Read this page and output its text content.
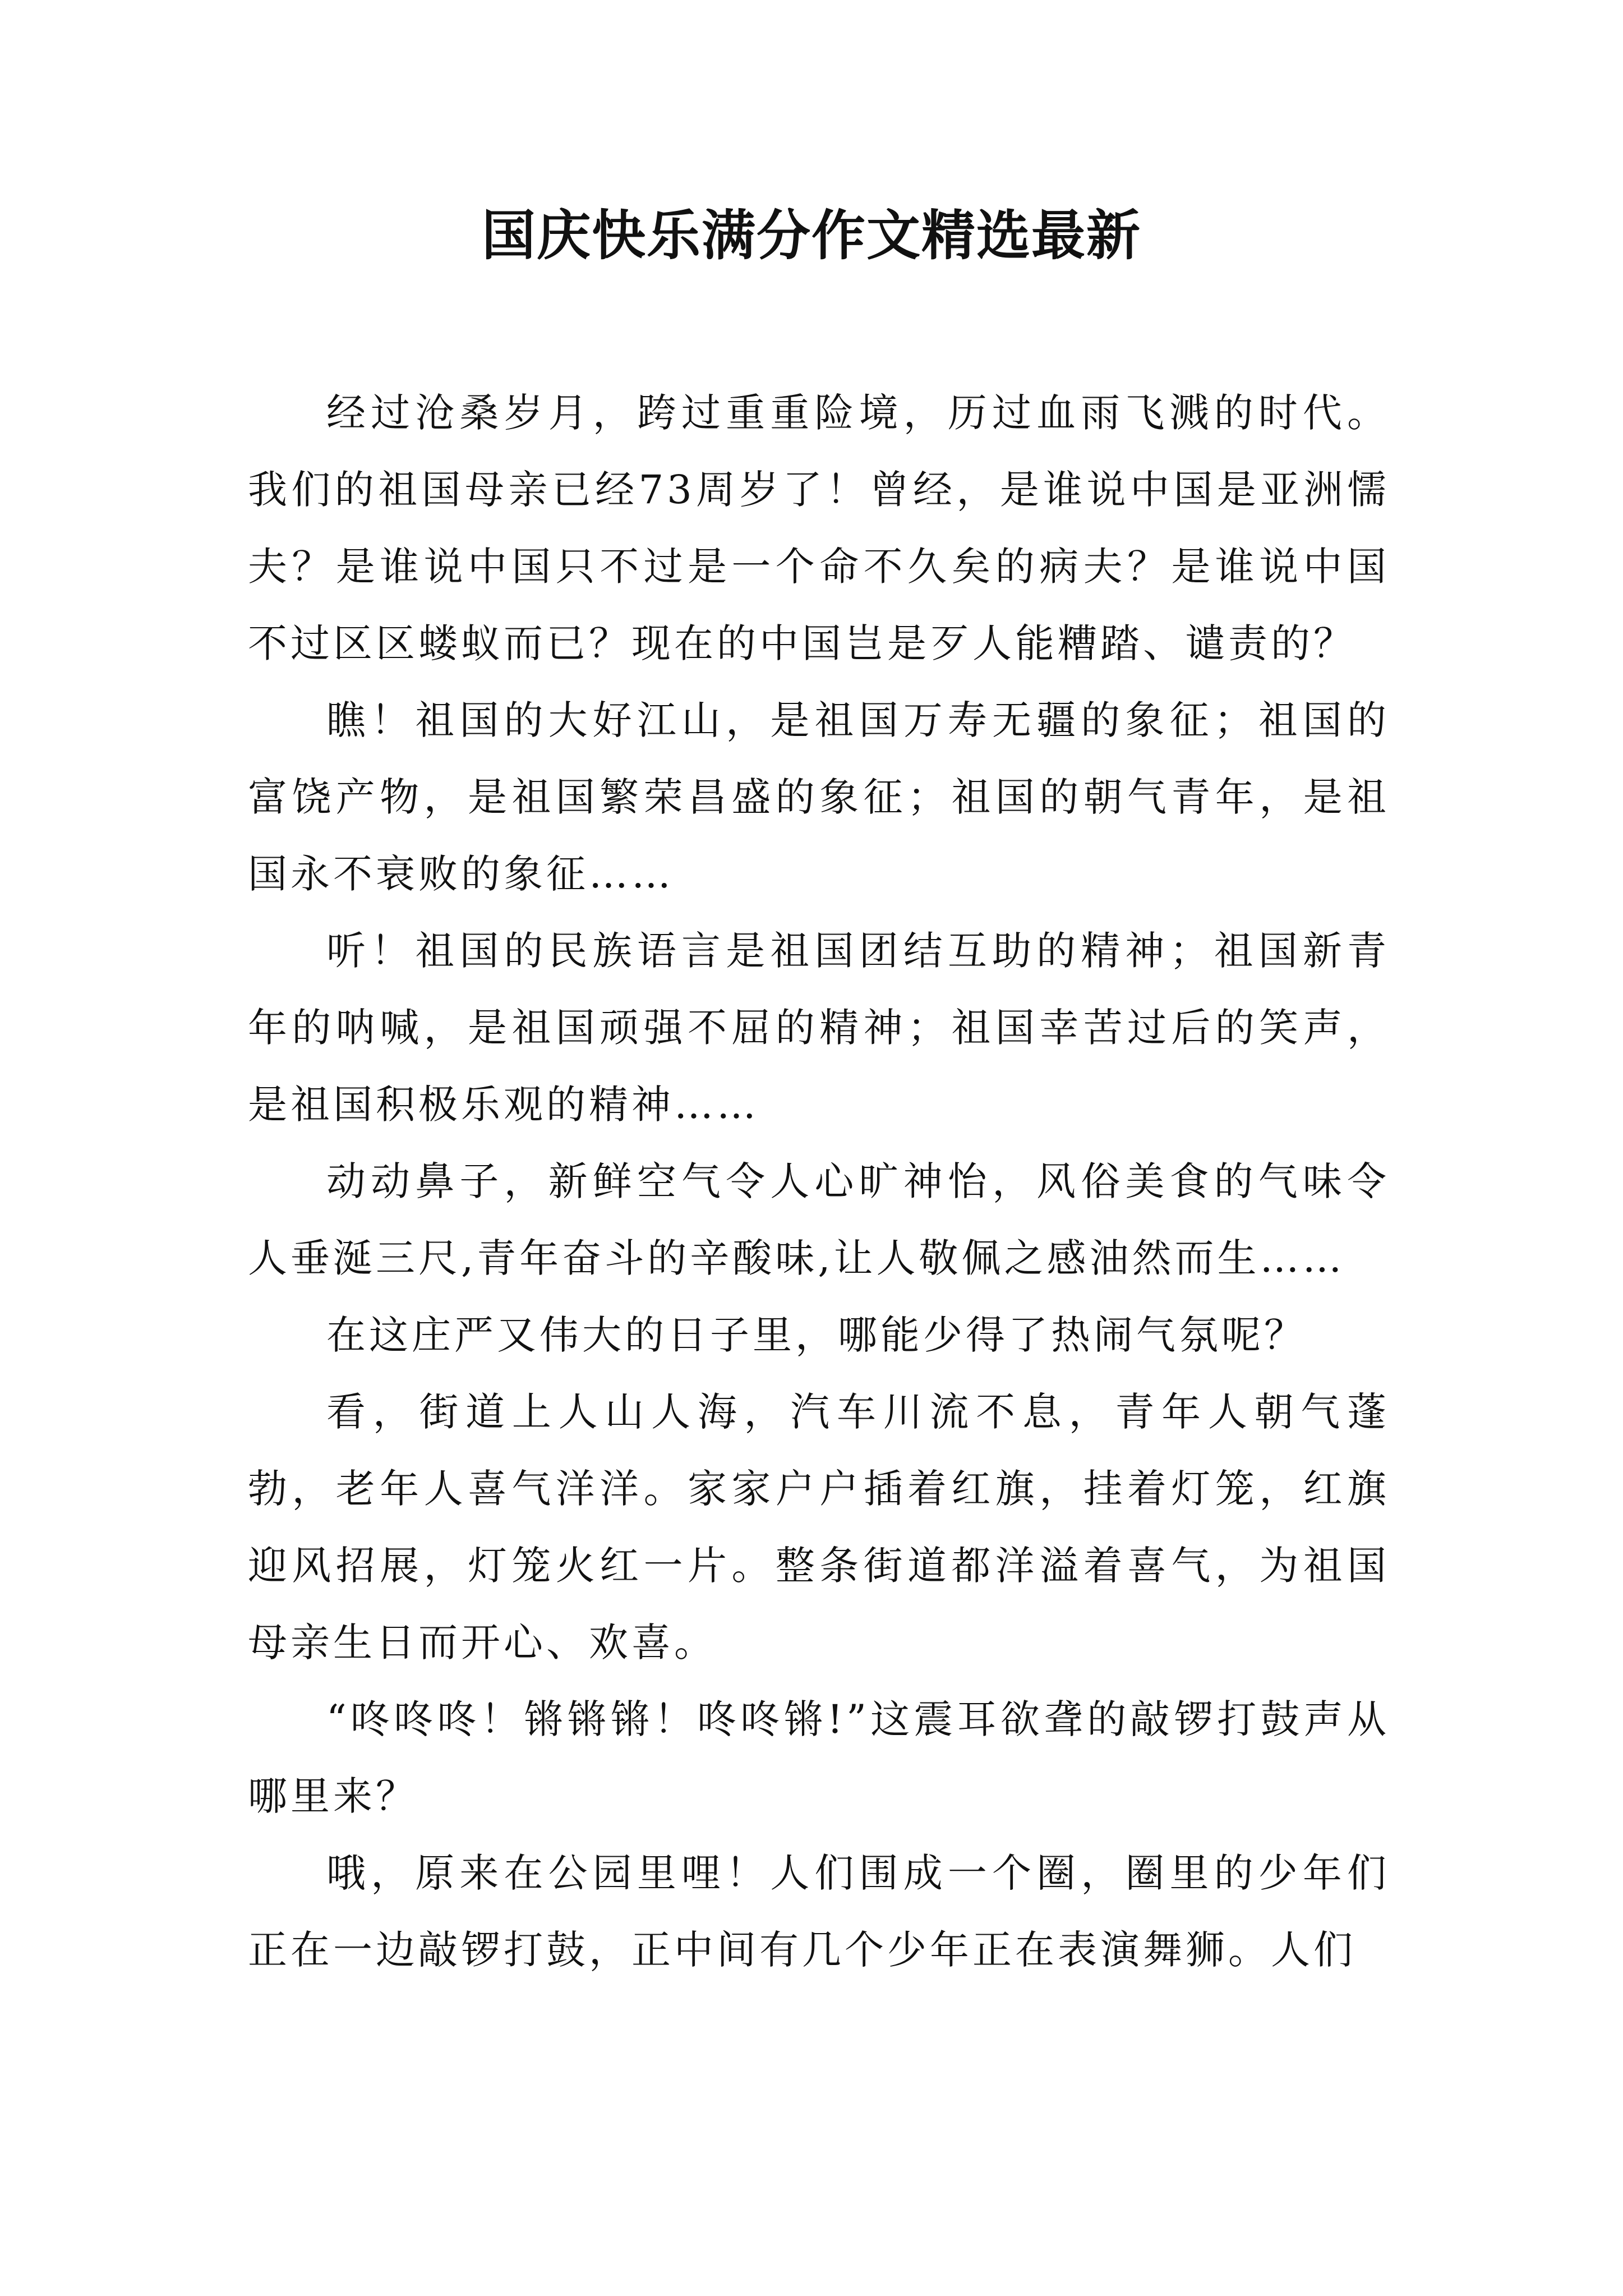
国庆快乐满分作文精选最新

经过沧桑岁月，跨过重重险境，历过血雨飞溅的时代。我们的祖国母亲已经73周岁了！曾经，是谁说中国是亚洲懦夫？是谁说中国只不过是一个命不久矣的病夫？是谁说中国不过区区蝼蚁而已？现在的中国岂是歹人能糟踏、谴责的？

瞧！祖国的大好江山，是祖国万寿无疆的象征；祖国的富饶产物，是祖国繁荣昌盛的象征；祖国的朝气青年，是祖国永不衰败的象征……

听！祖国的民族语言是祖国团结互助的精神；祖国新青年的呐喊，是祖国顽强不屈的精神；祖国幸苦过后的笑声，是祖国积极乐观的精神……

动动鼻子，新鲜空气令人心旷神怡，风俗美食的气味令人垂涎三尺,青年奋斗的辛酸味,让人敬佩之感油然而生……

在这庄严又伟大的日子里，哪能少得了热闹气氛呢？

看，街道上人山人海，汽车川流不息，青年人朝气蓬勃，老年人喜气洋洋。家家户户插着红旗，挂着灯笼，红旗迎风招展，灯笼火红一片。整条街道都洋溢着喜气，为祖国母亲生日而开心、欢喜。

“咚咚咚！锵锵锵！咚咚锵!”这震耳欲聋的敲锣打鼓声从哪里来？

哦，原来在公园里哩！人们围成一个圈，圈里的少年们正在一边敲锣打鼓，正中间有几个少年正在表演舞狮。人们
